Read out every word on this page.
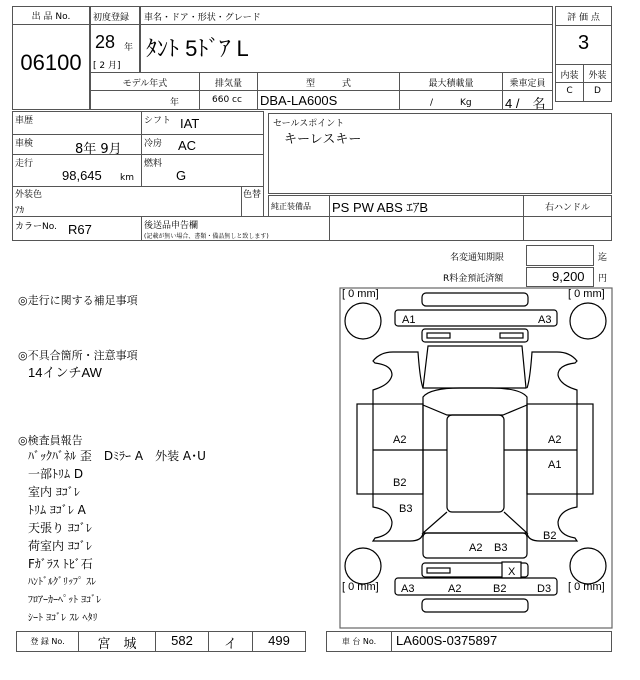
出 品 No.
06100
初度登録 車名・ドア・形状・グレード
28 年
[ 2 月]
ﾀﾝﾄ 5ﾄﾞｱ L
モデル年式	排気量	型　　　式	最大積載量	乗車定員
年	660 cc DBA-LA600S	/　　　Kg	4 /　名
評 価 点
3
内装	外装
C	D
車歴	シフト IAT
車検	8年 9月 冷房 AC
走行
98,645 km
燃料
G
外装色
ｱｶ
色替
カラーNo. R67	後送品申告欄
(記載が無い場合、書類・備品無しと致します)
セールスポイント
キーレスキー
純正装備品 PS PW ABS ｴｱB	右ハンドル
名変通知期限	迄
R料金預託済額	9,200 円
◎走行に関する補足事項
◎不具合箇所・注意事項
14インチAW
◎検査員報告
ﾊﾞｯｸﾊﾞﾈﾙ 歪　Dﾐﾗｰ A　外装 A･U
一部ﾄﾘﾑ D
室内 ﾖｺﾞﾚ
ﾄﾘﾑ ﾖｺﾞﾚ A
天張り ﾖｺﾞﾚ
荷室内 ﾖｺﾞﾚ
Fｶﾞﾗｽ ﾄﾋﾞ石
ﾊﾝﾄﾞﾙｸﾞﾘｯﾌﾟ ｽﾚ
ﾌﾛｱｰｶｰﾍﾟｯﾄ ﾖｺﾞﾚ
ｼｰﾄ ﾖｺﾞﾚ ｽﾚ ﾍﾀﾘ
[ 0 mm]	[ 0 mm]
[ 0 mm]	[ 0 mm]
A1	A3
A2	A2
A1
B2
B3
B2
A2 B3
X
A3	A2	B2	D3
登 録 No.	宮　城	582	イ	499	車 台 No.	LA600S-0375897
